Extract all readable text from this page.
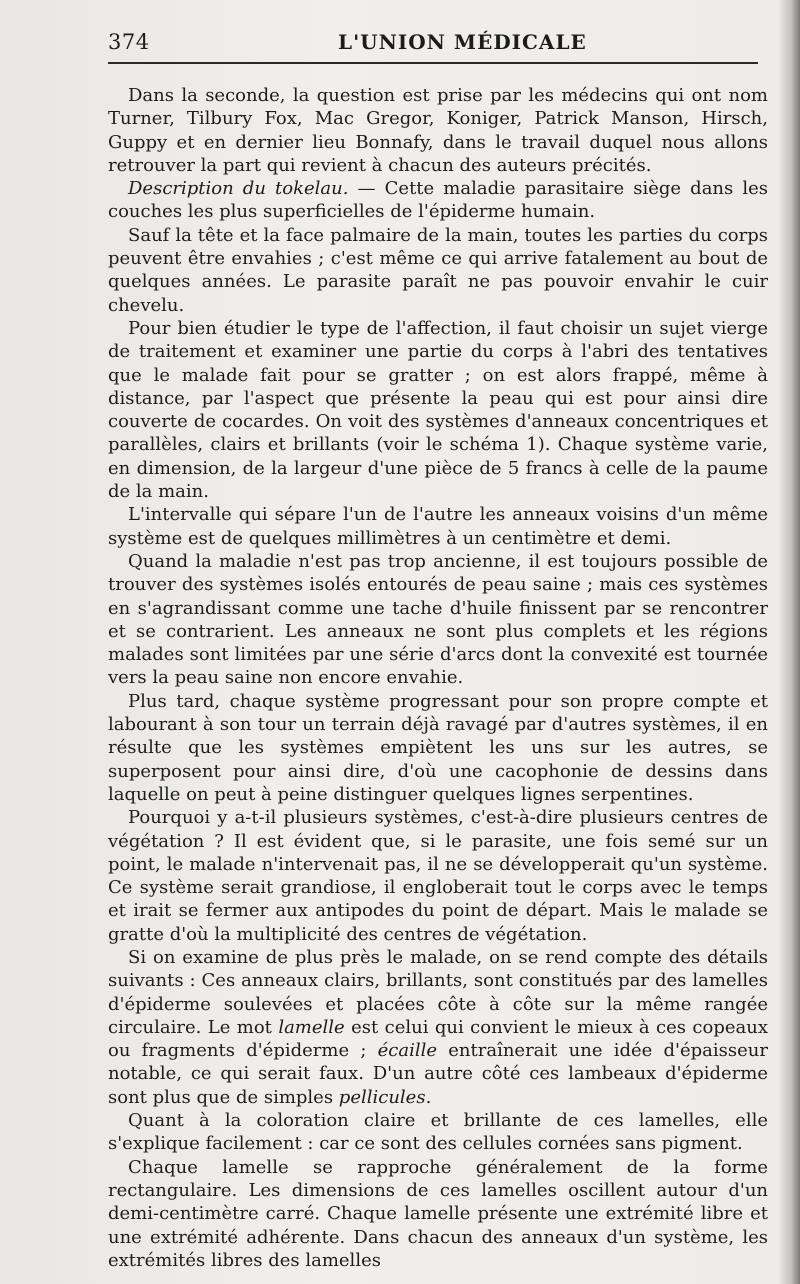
374	L'UNION MÉDICALE

Dans la seconde, la question est prise par les médecins qui ont nom Turner, Tilbury Fox, Mac Gregor, Koniger, Patrick Manson, Hirsch, Guppy et en dernier lieu Bonnafy, dans le travail duquel nous allons retrouver la part qui revient à chacun des auteurs précités.

Description du tokelau. — Cette maladie parasitaire siège dans les couches les plus superficielles de l'épiderme humain.

Sauf la tête et la face palmaire de la main, toutes les parties du corps peuvent être envahies ; c'est même ce qui arrive fatalement au bout de quelques années. Le parasite paraît ne pas pouvoir envahir le cuir chevelu.

Pour bien étudier le type de l'affection, il faut choisir un sujet vierge de traitement et examiner une partie du corps à l'abri des tentatives que le malade fait pour se gratter ; on est alors frappé, même à distance, par l'aspect que présente la peau qui est pour ainsi dire couverte de cocardes. On voit des systèmes d'anneaux concentriques et parallèles, clairs et brillants (voir le schéma 1). Chaque système varie, en dimension, de la largeur d'une pièce de 5 francs à celle de la paume de la main.

L'intervalle qui sépare l'un de l'autre les anneaux voisins d'un même système est de quelques millimètres à un centimètre et demi.

Quand la maladie n'est pas trop ancienne, il est toujours possible de trouver des systèmes isolés entourés de peau saine ; mais ces systèmes en s'agrandissant comme une tache d'huile finissent par se rencontrer et se contrarient. Les anneaux ne sont plus complets et les régions malades sont limitées par une série d'arcs dont la convexité est tournée vers la peau saine non encore envahie.

Plus tard, chaque système progressant pour son propre compte et labourant à son tour un terrain déjà ravagé par d'autres systèmes, il en résulte que les systèmes empiètent les uns sur les autres, se superposent pour ainsi dire, d'où une cacophonie de dessins dans laquelle on peut à peine distinguer quelques lignes serpentines.

Pourquoi y a-t-il plusieurs systèmes, c'est-à-dire plusieurs centres de végétation ? Il est évident que, si le parasite, une fois semé sur un point, le malade n'intervenait pas, il ne se développerait qu'un système. Ce système serait grandiose, il engloberait tout le corps avec le temps et irait se fermer aux antipodes du point de départ. Mais le malade se gratte d'où la multiplicité des centres de végétation.

Si on examine de plus près le malade, on se rend compte des détails suivants : Ces anneaux clairs, brillants, sont constitués par des lamelles d'épiderme soulevées et placées côte à côte sur la même rangée circulaire. Le mot lamelle est celui qui convient le mieux à ces copeaux ou fragments d'épiderme ; écaille entraînerait une idée d'épaisseur notable, ce qui serait faux. D'un autre côté ces lambeaux d'épiderme sont plus que de simples pellicules.

Quant à la coloration claire et brillante de ces lamelles, elle s'explique facilement : car ce sont des cellules cornées sans pigment.

Chaque lamelle se rapproche généralement de la forme rectangulaire. Les dimensions de ces lamelles oscillent autour d'un demi-centimètre carré. Chaque lamelle présente une extrémité libre et une extrémité adhérente. Dans chacun des anneaux d'un système, les extrémités libres des lamelles
